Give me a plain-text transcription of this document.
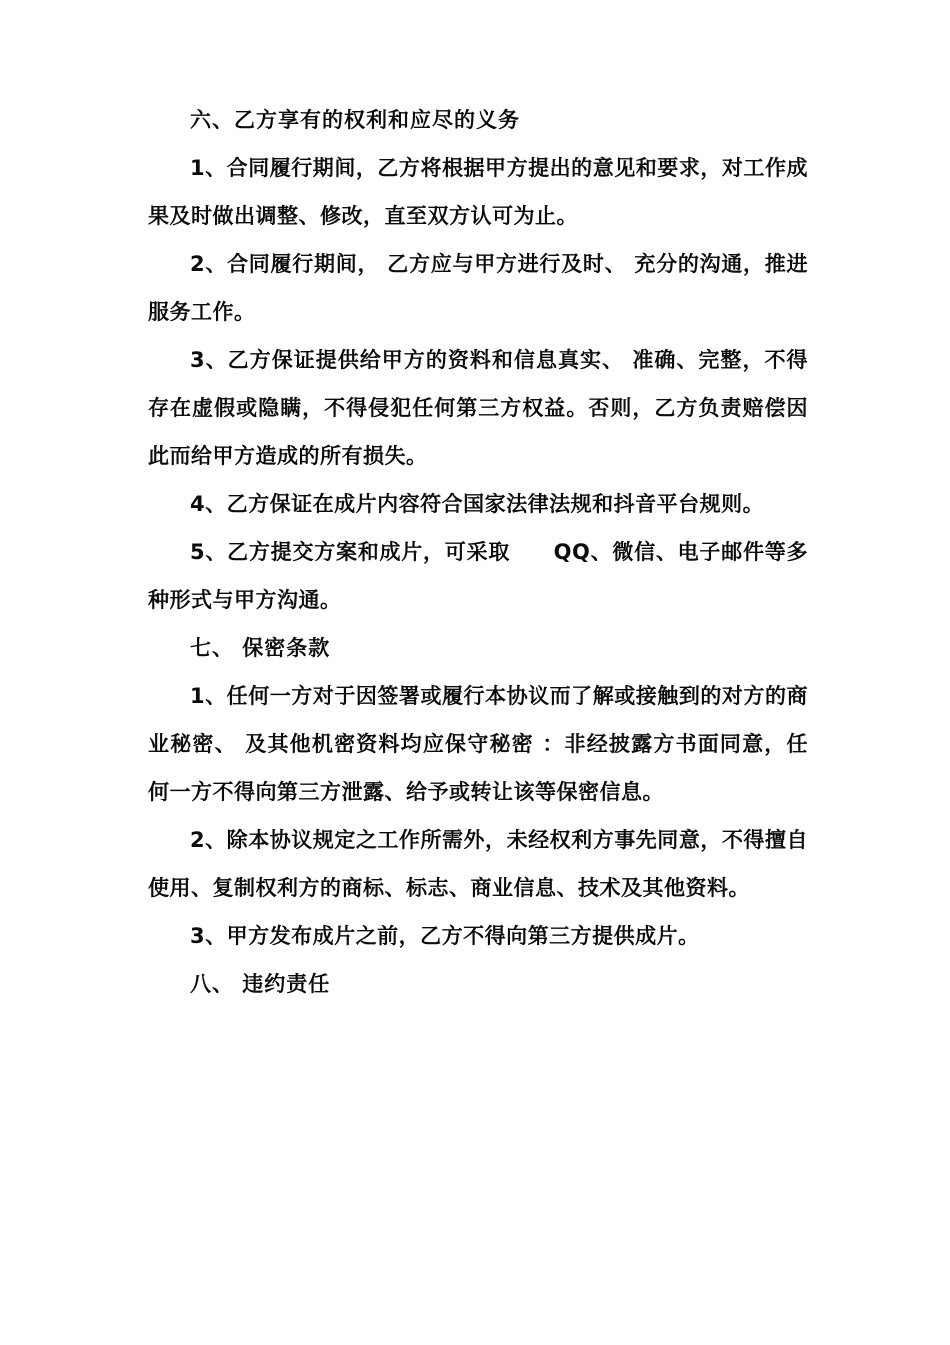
六、乙方享有的权利和应尽的义务

1、合同履行期间，乙方将根据甲方提出的意见和要求，对工作成果及时做出调整、修改，直至双方认可为止。

2、合同履行期间， 乙方应与甲方进行及时、 充分的沟通，推进服务工作。

3、乙方保证提供给甲方的资料和信息真实、 准确、完整，不得存在虚假或隐瞒，不得侵犯任何第三方权益。否则，乙方负责赔偿因此而给甲方造成的所有损失。

4、乙方保证在成片内容符合国家法律法规和抖音平台规则。

5、乙方提交方案和成片，可采取　　QQ、微信、电子邮件等多种形式与甲方沟通。

七、 保密条款

1、任何一方对于因签署或履行本协议而了解或接触到的对方的商业秘密、 及其他机密资料均应保守秘密 ：非经披露方书面同意，任何一方不得向第三方泄露、给予或转让该等保密信息。

2、除本协议规定之工作所需外，未经权利方事先同意，不得擅自使用、复制权利方的商标、标志、商业信息、技术及其他资料。

3、甲方发布成片之前，乙方不得向第三方提供成片。

八、 违约责任
